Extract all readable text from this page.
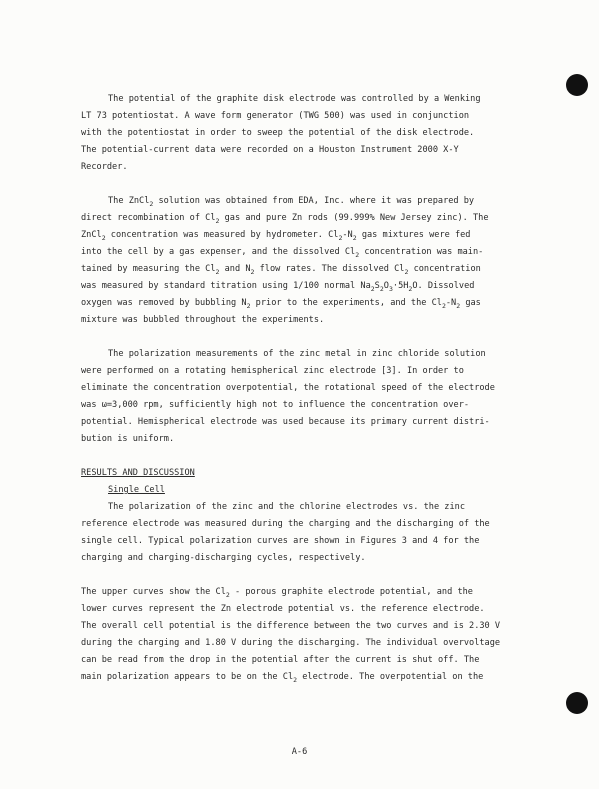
The potential of the graphite disk electrode was controlled by a Wenking

LT 73 potentiostat. A wave form generator (TWG 500) was used in conjunction

with the potentiostat in order to sweep the potential of the disk electrode.

The potential-current data were recorded on a Houston Instrument 2000 X-Y

Recorder.

The ZnCl$_2$ solution was obtained from EDA, Inc. where it was prepared by

direct recombination of $Cl_2$ gas and pure Zn rods (99.999% New Jersey zinc). The

ZnCl$_2$ concentration was measured by hydrometer. $Cl_2-N_2$ gas mixtures were fed

into the cell by a gas expenser, and the dissolved $Cl_2$ concentration was main-

tained by measuring the $Cl_2$ and $N_2$ flow rates. The dissolved $Cl_2$ concentration

was measured by standard titration using 1/100 normal $Na_2S_2O_3\cdot 5H_2O$. Dissolved

oxygen was removed by bubbling $N_2$ prior to the experiments, and the $Cl_2-N_2$ gas

mixture was bubbled throughout the experiments.

The polarization measurements of the zinc metal in zinc chloride solution

were performed on a rotating hemispherical zinc electrode [3]. In order to

eliminate the concentration overpotential, the rotational speed of the electrode

was ω=3,000 rpm, sufficiently high not to influence the concentration over-

potential. Hemispherical electrode was used because its primary current distri-

bution is uniform.

RESULTS AND DISCUSSION

Single Cell

The polarization of the zinc and the chlorine electrodes vs. the zinc

reference electrode was measured during the charging and the discharging of the

single cell. Typical polarization curves are shown in Figures 3 and 4 for the

charging and charging-discharging cycles, respectively.

The upper curves show the $Cl_2$ - porous graphite electrode potential, and the

lower curves represent the Zn electrode potential vs. the reference electrode.

The overall cell potential is the difference between the two curves and is 2.30 V

during the charging and 1.80 V during the discharging. The individual overvoltage

can be read from the drop in the potential after the current is shut off. The

main polarization appears to be on the $Cl_2$ electrode. The overpotential on the

A-6
